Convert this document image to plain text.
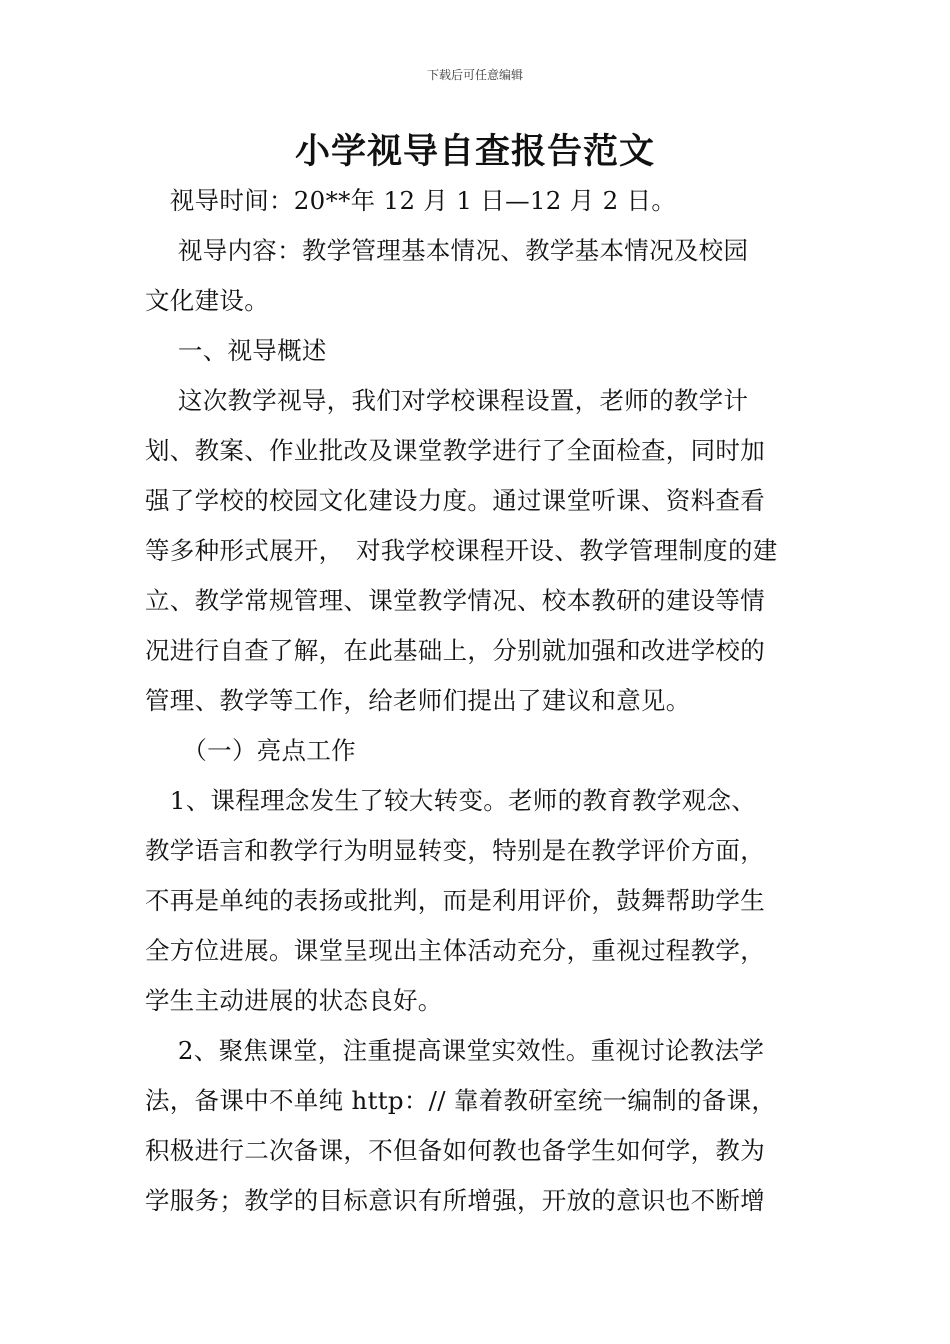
下载后可任意编辑
小学视导自查报告范文
　视导时间：20**年 12 月 1 日—12 月 2 日。
　 视导内容：教学管理基本情况、教学基本情况及校园
文化建设。
　 一、视导概述
　 这次教学视导，我们对学校课程设置，老师的教学计
划、教案、作业批改及课堂教学进行了全面检查，同时加
强了学校的校园文化建设力度。通过课堂听课、资料查看
等多种形式展开，　对我学校课程开设、教学管理制度的建
立、教学常规管理、课堂教学情况、校本教研的建设等情
况进行自查了解，在此基础上，分别就加强和改进学校的
管理、教学等工作，给老师们提出了建议和意见。
　　（一）亮点工作
　1、课程理念发生了较大转变。老师的教育教学观念、
教学语言和教学行为明显转变，特别是在教学评价方面，
不再是单纯的表扬或批判，而是利用评价，鼓舞帮助学生
全方位进展。课堂呈现出主体活动充分，重视过程教学，
学生主动进展的状态良好。
　 2、聚焦课堂，注重提高课堂实效性。重视讨论教法学
法，备课中不单纯 http：// 靠着教研室统一编制的备课，
积极进行二次备课，不但备如何教也备学生如何学，教为
学服务；教学的目标意识有所增强，开放的意识也不断增
